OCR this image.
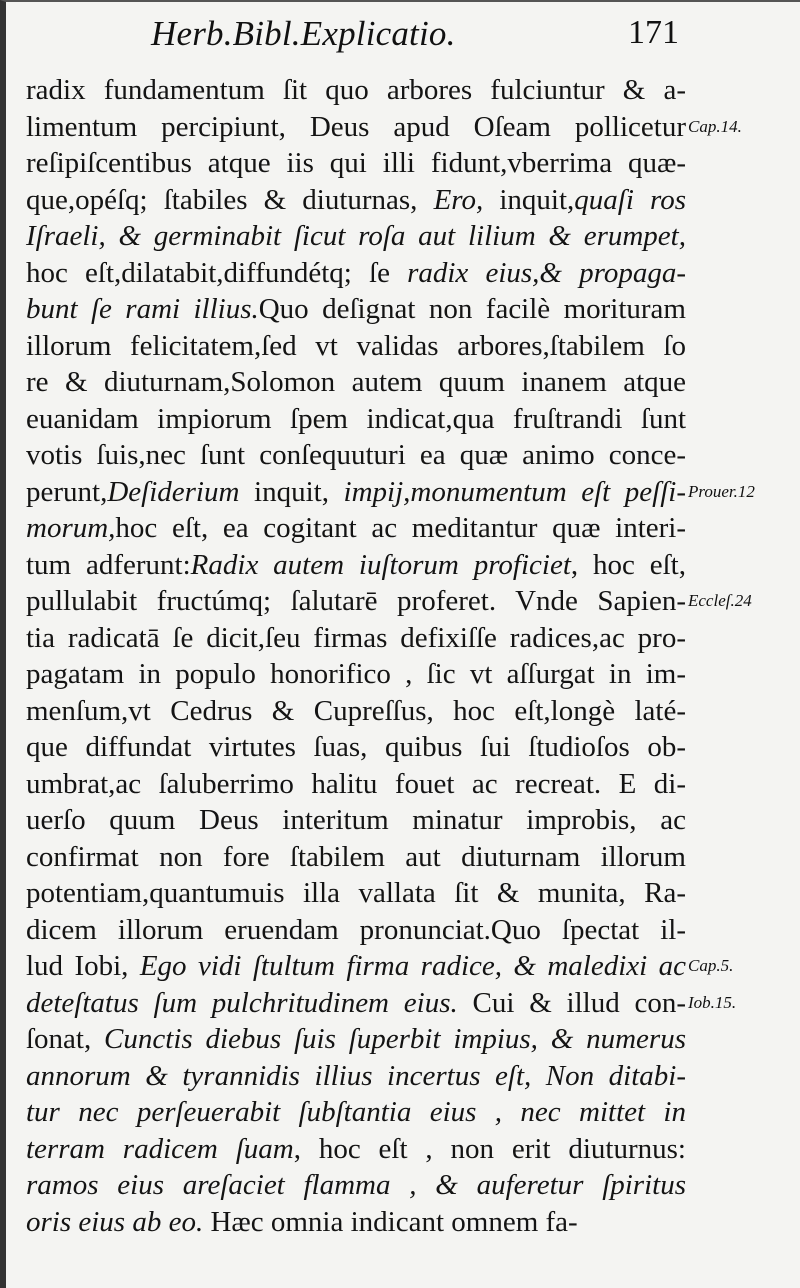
Herb.Bibl.Explicatio.	171
radix fundamentum ſit quo arbores fulciuntur & a-
limentum percipiunt, Deus apud Oſeam pollicetur
reſipiſcentibus atque iis qui illi fidunt,vberrima quæ-
que,opéſq; ſtabiles & diuturnas, Ero, inquit,quaſi ros
Iſraeli, & germinabit ſicut roſa aut lilium & erumpet,
hoc eſt,dilatabit,diffundétq; ſe radix eius,& propaga-
bunt ſe rami illius.Quo deſignat non facilè morituram
illorum felicitatem,ſed vt validas arbores,ſtabilem ſo
re & diuturnam,Solomon autem quum inanem atque
euanidam impiorum ſpem indicat,qua fruſtrandi ſunt
votis ſuis,nec ſunt conſequuturi ea quæ animo conce-
perunt,Deſiderium inquit, impij,monumentum eſt peſſi-
morum,hoc eſt, ea cogitant ac meditantur quæ interi-
tum adferunt:Radix autem iuſtorum proficiet, hoc eſt,
pullulabit fructúmq; ſalutarē proferet. Vnde Sapien-
tia radicatā ſe dicit,ſeu firmas defixiſſe radices,ac pro-
pagatam in populo honorifico , ſic vt aſſurgat in im-
menſum,vt Cedrus & Cupreſſus, hoc eſt,longè laté-
que diffundat virtutes ſuas, quibus ſui ſtudioſos ob-
umbrat,ac ſaluberrimo halitu fouet ac recreat. E di-
uerſo quum Deus interitum minatur improbis, ac
confirmat non fore ſtabilem aut diuturnam illorum
potentiam,quantumuis illa vallata ſit & munita, Ra-
dicem illorum eruendam pronunciat.Quo ſpectat il-
lud Iobi, Ego vidi ſtultum firma radice, & maledixi ac
deteſtatus ſum pulchritudinem eius. Cui & illud con-
ſonat, Cunctis diebus ſuis ſuperbit impius, & numerus
annorum & tyrannidis illius incertus eſt, Non ditabi-
tur nec perſeuerabit ſubſtantia eius , nec mittet in
terram radicem ſuam, hoc eſt , non erit diuturnus:
ramos eius areſaciet flamma , & auferetur ſpiritus
oris eius ab eo. Hæc omnia indicant omnem fa-
Cap.14.
Prouer.12
Eccleſ.24
Cap.5.
Iob.15.
